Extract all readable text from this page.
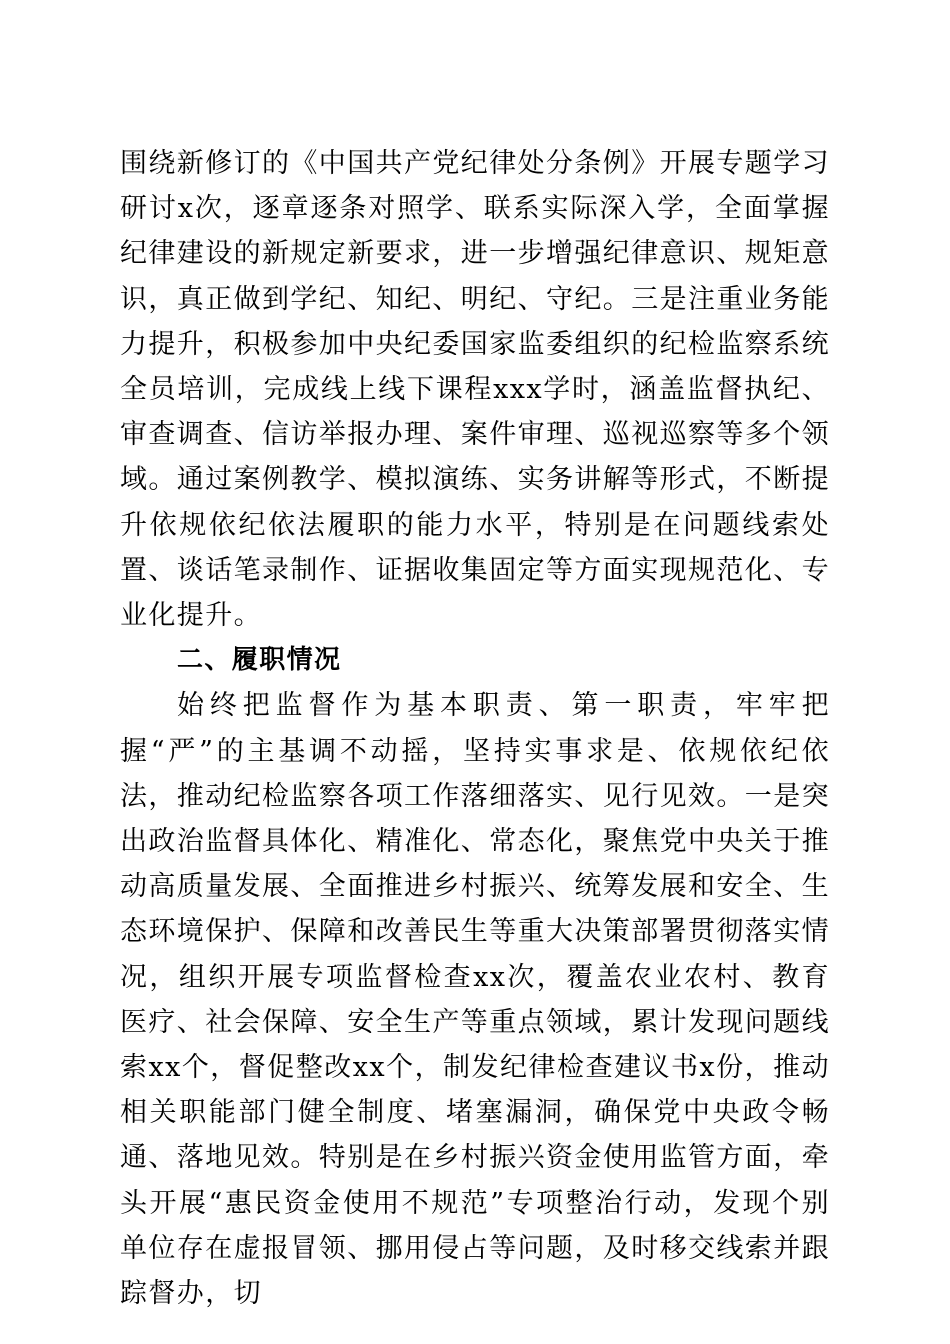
围绕新修订的《中国共产党纪律处分条例》开展专题学习研讨x次，逐章逐条对照学、联系实际深入学，全面掌握纪律建设的新规定新要求，进一步增强纪律意识、规矩意识，真正做到学纪、知纪、明纪、守纪。三是注重业务能力提升，积极参加中央纪委国家监委组织的纪检监察系统全员培训，完成线上线下课程xxx学时，涵盖监督执纪、审查调查、信访举报办理、案件审理、巡视巡察等多个领域。通过案例教学、模拟演练、实务讲解等形式，不断提升依规依纪依法履职的能力水平，特别是在问题线索处置、谈话笔录制作、证据收集固定等方面实现规范化、专业化提升。

二、履职情况

始终把监督作为基本职责、第一职责，牢牢把握“严”的主基调不动摇，坚持实事求是、依规依纪依法，推动纪检监察各项工作落细落实、见行见效。一是突出政治监督具体化、精准化、常态化，聚焦党中央关于推动高质量发展、全面推进乡村振兴、统筹发展和安全、生态环境保护、保障和改善民生等重大决策部署贯彻落实情况，组织开展专项监督检查xx次，覆盖农业农村、教育医疗、社会保障、安全生产等重点领域，累计发现问题线索xx个，督促整改xx个，制发纪律检查建议书x份，推动相关职能部门健全制度、堵塞漏洞，确保党中央政令畅通、落地见效。特别是在乡村振兴资金使用监管方面，牵头开展“惠民资金使用不规范”专项整治行动，发现个别单位存在虚报冒领、挪用侵占等问题，及时移交线索并跟踪督办，切
